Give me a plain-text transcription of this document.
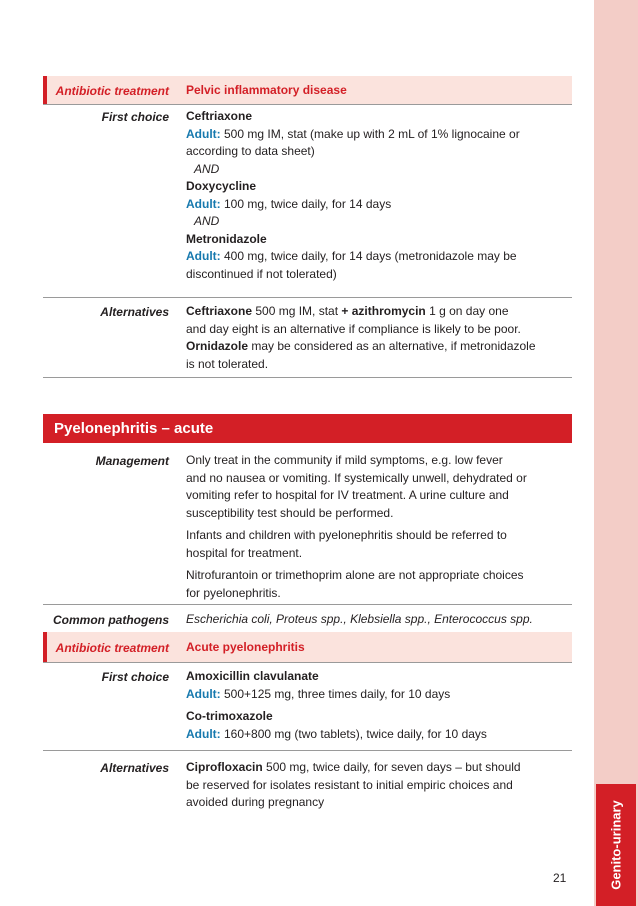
Genito-urinary
Antibiotic treatment Pelvic inflammatory disease
First choice Ceftriaxone
Adult: 500 mg IM, stat (make up with 2 mL of 1% lignocaine or
according to data sheet)
AND
Doxycycline
Adult: 100 mg, twice daily, for 14 days
AND
Metronidazole
Adult: 400 mg, twice daily, for 14 days (metronidazole may be
discontinued if not tolerated)
Alternatives Ceftriaxone 500 mg IM, stat + azithromycin 1 g on day one
and day eight is an alternative if compliance is likely to be poor.
Ornidazole may be considered as an alternative, if metronidazole
is not tolerated.
Pyelonephritis – acute
Management Only treat in the community if mild symptoms, e.g. low fever
and no nausea or vomiting. If systemically unwell, dehydrated or
vomiting refer to hospital for IV treatment. A urine culture and
susceptibility test should be performed.
Infants and children with pyelonephritis should be referred to
hospital for treatment.
Nitrofurantoin or trimethoprim alone are not appropriate choices
for pyelonephritis.
Common pathogens Escherichia coli, Proteus spp., Klebsiella spp., Enterococcus spp.
Antibiotic treatment Acute pyelonephritis
First choice Amoxicillin clavulanate
Adult: 500+125 mg, three times daily, for 10 days
Co-trimoxazole
Adult: 160+800 mg (two tablets), twice daily, for 10 days
Alternatives Ciprofloxacin 500 mg, twice daily, for seven days – but should
be reserved for isolates resistant to initial empiric choices and
avoided during pregnancy
21
